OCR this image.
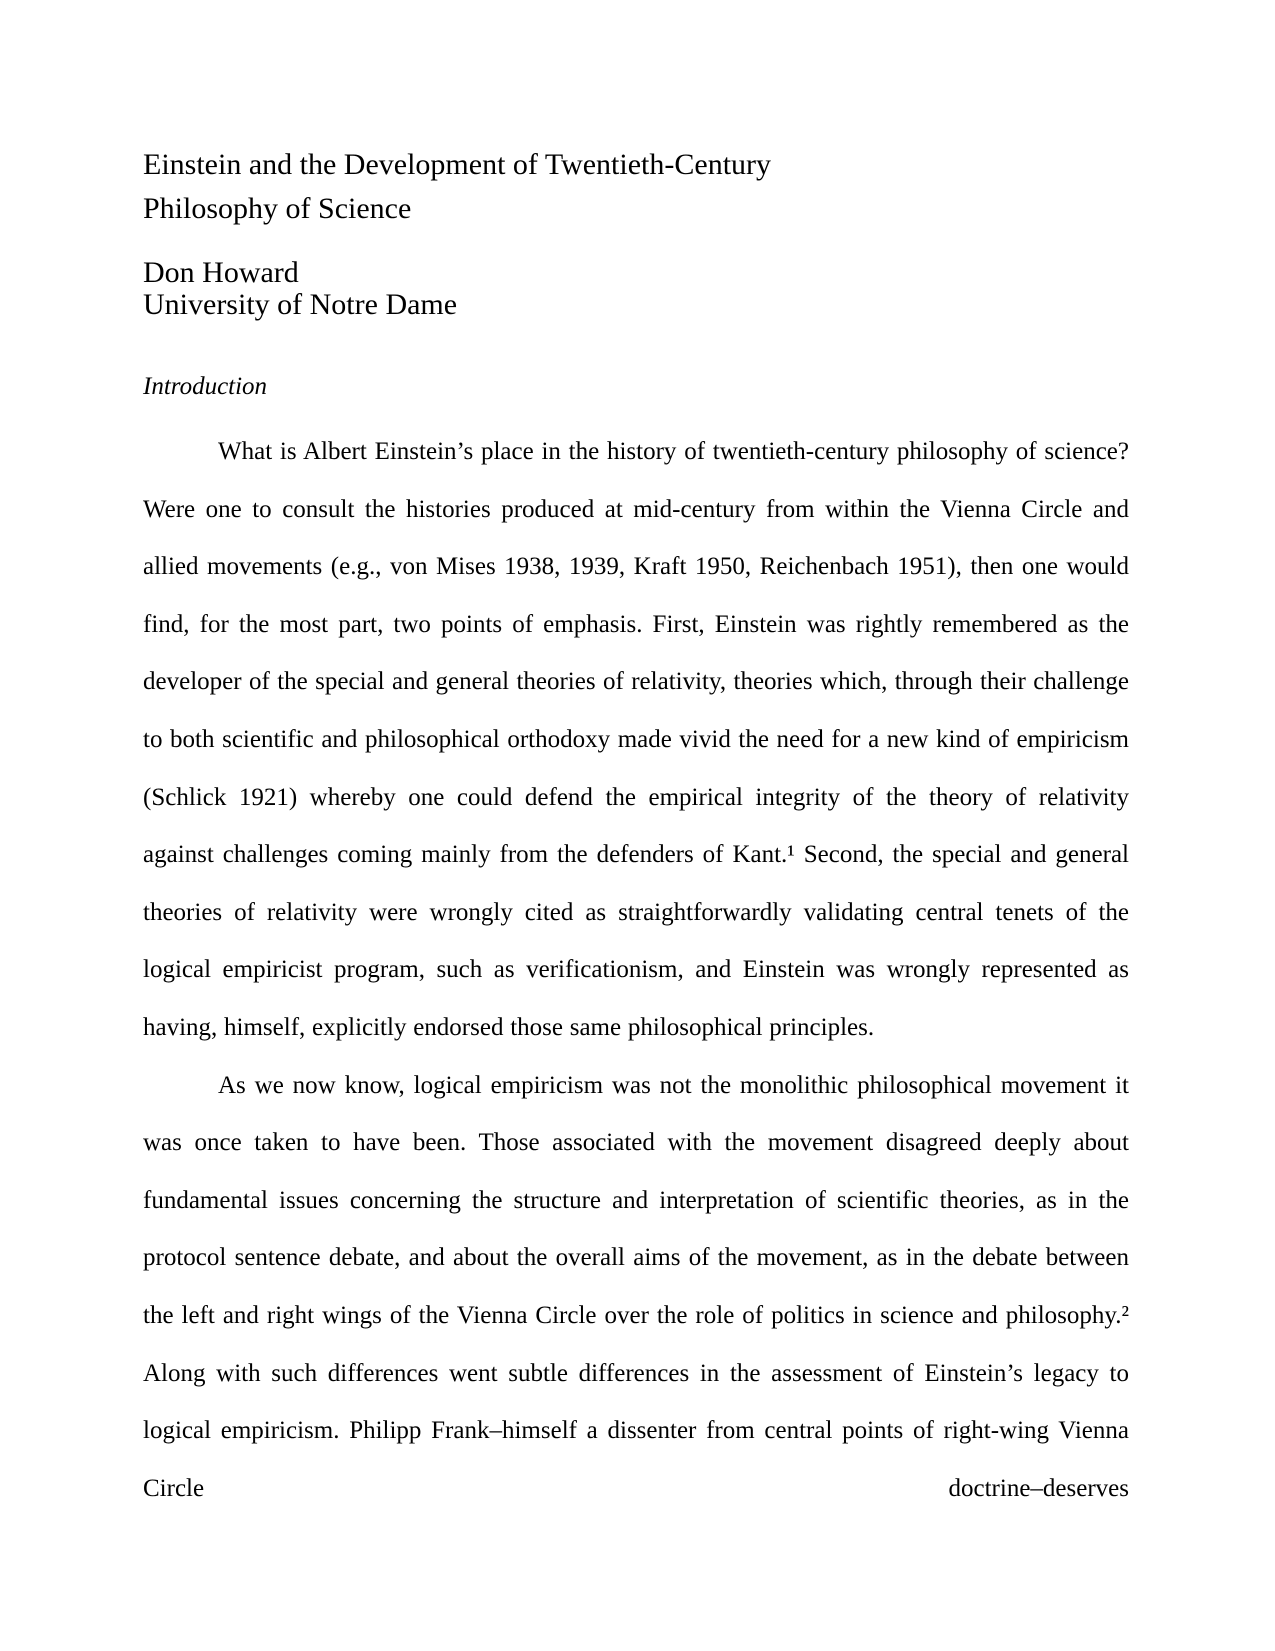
Einstein and the Development of Twentieth-Century
Philosophy of Science
Don Howard
University of Notre Dame
Introduction

What is Albert Einstein’s place in the history of twentieth-century philosophy of science? Were one to consult the histories produced at mid-century from within the Vienna Circle and allied movements (e.g., von Mises 1938, 1939, Kraft 1950, Reichenbach 1951), then one would find, for the most part, two points of emphasis. First, Einstein was rightly remembered as the developer of the special and general theories of relativity, theories which, through their challenge to both scientific and philosophical orthodoxy made vivid the need for a new kind of empiricism (Schlick 1921) whereby one could defend the empirical integrity of the theory of relativity against challenges coming mainly from the defenders of Kant.¹ Second, the special and general theories of relativity were wrongly cited as straightforwardly validating central tenets of the logical empiricist program, such as verificationism, and Einstein was wrongly represented as having, himself, explicitly endorsed those same philosophical principles.

As we now know, logical empiricism was not the monolithic philosophical movement it was once taken to have been. Those associated with the movement disagreed deeply about fundamental issues concerning the structure and interpretation of scientific theories, as in the protocol sentence debate, and about the overall aims of the movement, as in the debate between the left and right wings of the Vienna Circle over the role of politics in science and philosophy.² Along with such differences went subtle differences in the assessment of Einstein’s legacy to logical empiricism. Philipp Frank–himself a dissenter from central points of right-wing Vienna Circle doctrine–deserves
